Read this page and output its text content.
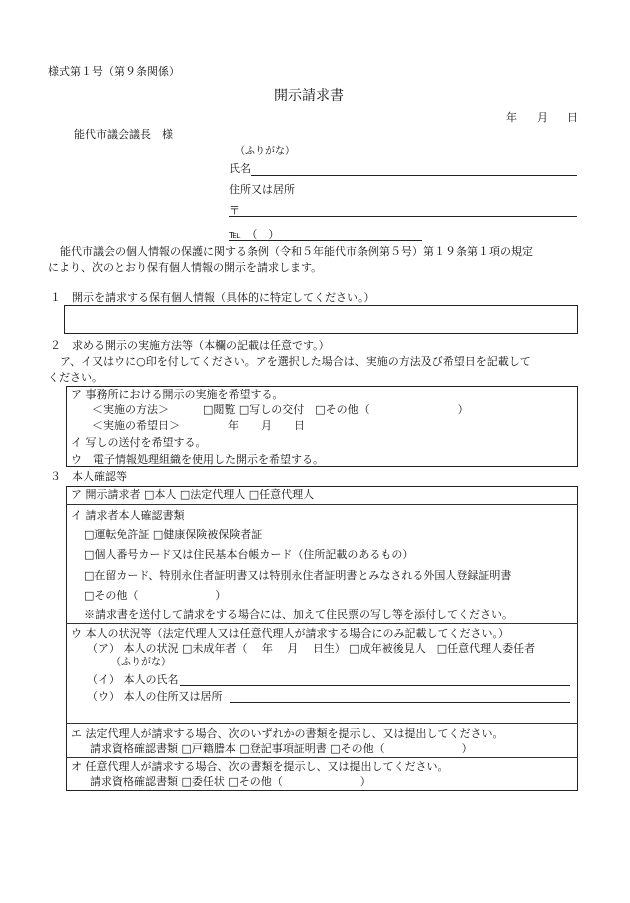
様式第１号（第９条関係）
開示請求書
年 月 日
能代市議会議長　様
（ふりがな）
氏名
住所又は居所
〒
℡　（　）
能代市議会の個人情報の保護に関する条例（令和５年能代市条例第５号）第１９条第１項の規定
により、次のとおり保有個人情報の開示を請求します。
１　開示を請求する保有個人情報（具体的に特定してください。）
２　求める開示の実施方法等（本欄の記載は任意です。）
ア、イ又はウに○印を付してください。アを選択した場合は、実施の方法及び希望日を記載して
ください。
ア 事務所における開示の実施を希望する。
＜実施の方法＞	□閲覧 □写しの交付　□その他（　　　　　　　　）
＜実施の希望日＞	年　　月　　日
イ 写しの送付を希望する。
ウ　電子情報処理組織を使用した開示を希望する。
３　本人確認等
ア 開示請求者 □本人 □法定代理人 □任意代理人
イ 請求者本人確認書類
□運転免許証 □健康保険被保険者証
□個人番号カード又は住民基本台帳カード（住所記載のあるもの）
□在留カード、特別永住者証明書又は特別永住者証明書とみなされる外国人登録証明書
□その他（　　　　　　　）
※請求書を送付して請求をする場合には、加えて住民票の写し等を添付してください。
ウ 本人の状況等（法定代理人又は任意代理人が請求する場合にのみ記載してください。）
（ア） 本人の状況 □未成年者（　 年　 月　 日生） □成年被後見人　□任意代理人委任者
（ふりがな）
（イ） 本人の氏名
（ウ） 本人の住所又は居所
エ 法定代理人が請求する場合、次のいずれかの書類を提示し、又は提出してください。
請求資格確認書類 □戸籍謄本 □登記事項証明書 □その他（　　　　　　　）
オ 任意代理人が請求する場合、次の書類を提示し、又は提出してください。
請求資格確認書類 □委任状 □その他（　　　　　　　）
